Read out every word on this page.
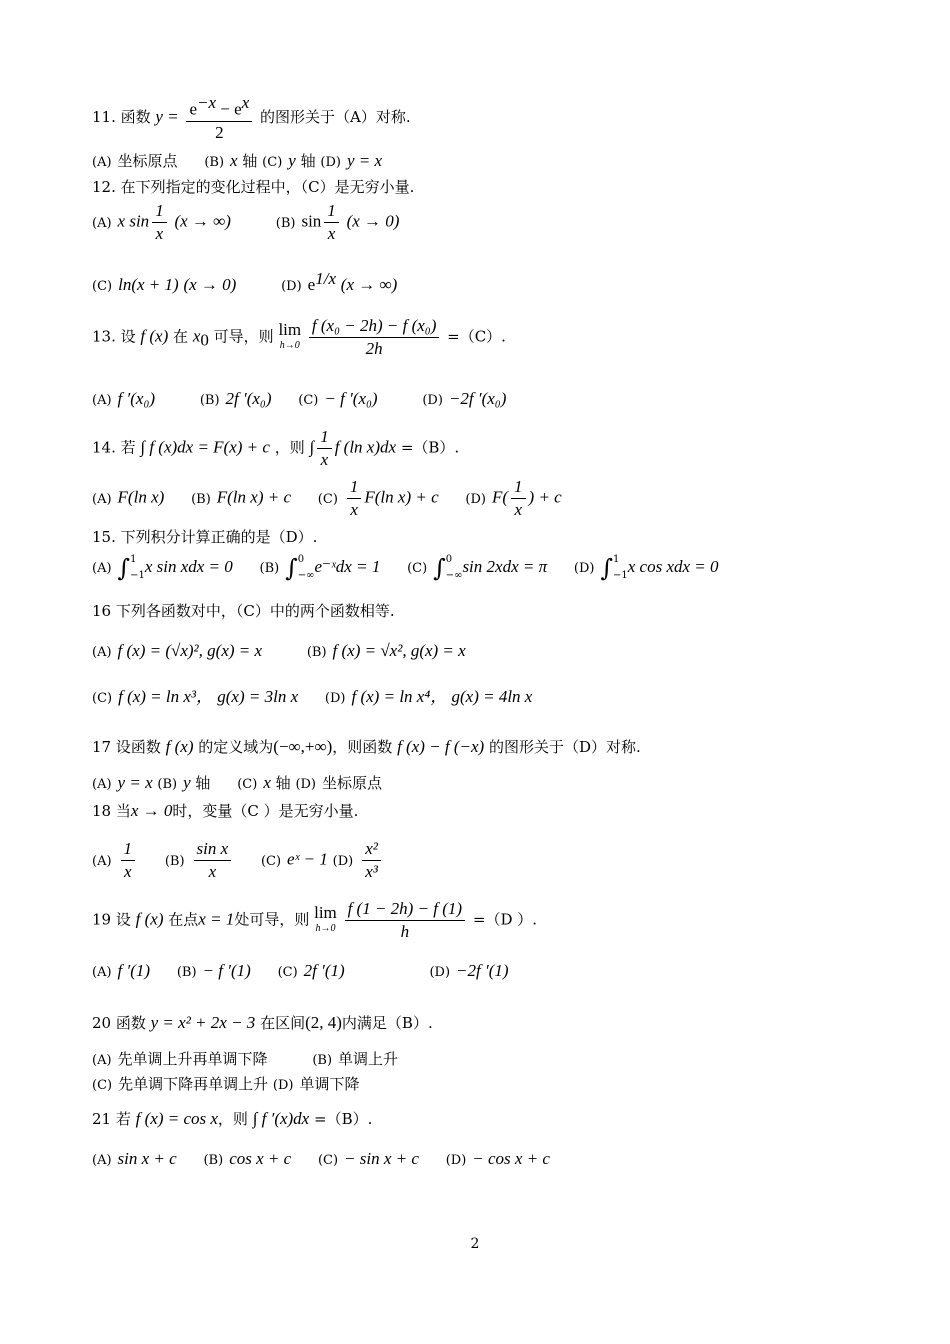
11. 函数 $y = \frac{e^{-x} - e^x}{2}$ 的图形关于（A）对称.
(A) 坐标原点 (B) x 轴 (C) y 轴 (D) y = x
12. 在下列指定的变化过程中，（C）是无穷小量.
(A) x $\sin \frac{1}{x} (x$ → ∞)	(B) $\sin \frac{1}{x} (x \to 0)$
(C) ln(x + 1) (x → 0)	(D) $e^{1/x}$ (x → ∞)
13. 设 f (x) 在 $x_0$ 可导，则 lim
h→0
$\frac{\text{f (x₀ − 2h) − f (x₀)}}{2h} =(C)$.
(A) f ′(x₀)	(B) 2f ′(x₀) (C) − f ′(x₀)	(D) −2f ′(x₀)
14. 若 ∫ f (x)dx = F(x) + c ，则 ∫ $\frac{1}{x}$ f (ln x)dx =（B）.
(A) F(ln x) (B) F(ln x) + c $(C) \frac{1}{x} F(\ln$ x) + c (D) $F( \frac{1}{x}$ ) + c
15. 下列积分计算正确的是（D）.
(A) ∫ 1
−1 x sin xdx = 0 (B) ∫ 0
−∞ e⁻ˣdx = 1 (C) ∫ 0
−∞ sin 2xdx = π (D) ∫ 1
−1 x cos xdx = 0
16 下列各函数对中，（C）中的两个函数相等.
(A) f (x) = (√x)², g(x) = x	(B) f (x) = √x², g(x) = x
(C) f (x) = ln x³， g(x) = 3ln x (D) f (x) = ln x⁴， g(x) = 4ln x
17 设函数 f (x) 的定义域为(−∞,+∞)，则函数 f (x) − f (−x) 的图形关于（D）对称.
(A) y = x (B) y 轴 (C) x 轴 (D) 坐标原点
18 当x → 0时，变量（C ）是无穷小量.
$(A) \frac{1}{x} (B) \frac{\text{sin x}}{x} (C)$ eˣ − 1 $(D) \frac{\text{x²}}{\text{x³}}$
19 设 f (x) 在点x = 1处可导，则 lim
h→0
$\frac{f (1 - 2h) - f (1)}{h} =(D$ ）.
(A) f ′(1) (B) − f ′(1) (C) 2f ′(1)	(D) −2f ′(1)
20 函数 y = x² + 2x − 3 在区间(2, 4)内满足（B）.
(A) 先单调上升再单调下降	(B) 单调上升
(C) 先单调下降再单调上升 (D) 单调下降
21 若 f (x) = cos x，则 ∫ f ′(x)dx =（B）.
(A) sin x + c (B) cos x + c (C) − sin x + c (D) − cos x + c
2
